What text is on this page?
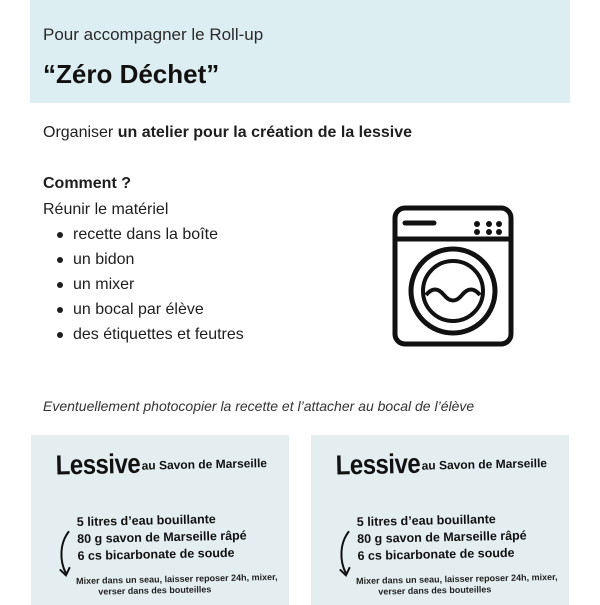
Pour accompagner le Roll-up
“Zéro Déchet”
Organiser un atelier pour la création de la lessive
Comment ?
Réunir le matériel
recette dans la boîte
un bidon
un mixer
un bocal par élève
des étiquettes et feutres
Eventuellement photocopier la recette et l’attacher au bocal de l’élève
Lessive au Savon de Marseille
5 litres d’eau bouillante
80 g savon de Marseille râpé
6 cs bicarbonate de soude
Mixer dans un seau, laisser reposer 24h, mixer,
verser dans des bouteilles
Lessive au Savon de Marseille
5 litres d’eau bouillante
80 g savon de Marseille râpé
6 cs bicarbonate de soude
Mixer dans un seau, laisser reposer 24h, mixer,
verser dans des bouteilles
